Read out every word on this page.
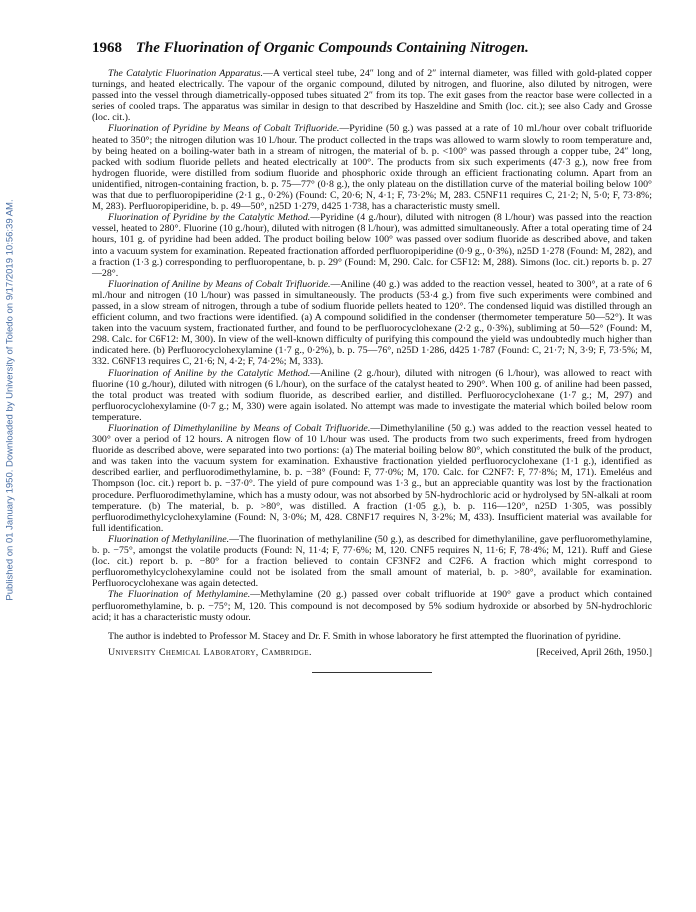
Published on 01 January 1950. Downloaded by University of Toledo on 9/17/2019 10:56:39 AM.
1968 The Fluorination of Organic Compounds Containing Nitrogen.

The Catalytic Fluorination Apparatus.—A vertical steel tube, 24″ long and of 2″ internal diameter, was filled with gold-plated copper turnings, and heated electrically. The vapour of the organic compound, diluted by nitrogen, and fluorine, also diluted by nitrogen, were passed into the vessel through diametrically-opposed tubes situated 2″ from its top. The exit gases from the reactor base were collected in a series of cooled traps. The apparatus was similar in design to that described by Haszeldine and Smith (loc. cit.); see also Cady and Grosse (loc. cit.).

Fluorination of Pyridine by Means of Cobalt Trifluoride.—Pyridine (50 g.) was passed at a rate of 10 ml./hour over cobalt trifluoride heated to 350°; the nitrogen dilution was 10 l./hour. The product collected in the traps was allowed to warm slowly to room temperature and, by being heated on a boiling-water bath in a stream of nitrogen, the material of b. p. <100° was passed through a copper tube, 24″ long, packed with sodium fluoride pellets and heated electrically at 100°. The products from six such experiments (47·3 g.), now free from hydrogen fluoride, were distilled from sodium fluoride and phosphoric oxide through an efficient fractionating column. Apart from an unidentified, nitrogen-containing fraction, b. p. 75—77° (0·8 g.), the only plateau on the distillation curve of the material boiling below 100° was that due to perfluoropiperidine (2·1 g., 0·2%) (Found: C, 20·6; N, 4·1; F, 73·2%; M, 283. C5NF11 requires C, 21·2; N, 5·0; F, 73·8%; M, 283). Perfluoropiperidine, b. p. 49—50°, n25D 1·279, d425 1·738, has a characteristic musty smell.

Fluorination of Pyridine by the Catalytic Method.—Pyridine (4 g./hour), diluted with nitrogen (8 l./hour) was passed into the reaction vessel, heated to 280°. Fluorine (10 g./hour), diluted with nitrogen (8 l./hour), was admitted simultaneously. After a total operating time of 24 hours, 101 g. of pyridine had been added. The product boiling below 100° was passed over sodium fluoride as described above, and taken into a vacuum system for examination. Repeated fractionation afforded perfluoropiperidine (0·9 g., 0·3%), n25D 1·278 (Found: M, 282), and a fraction (1·3 g.) corresponding to perfluoropentane, b. p. 29° (Found: M, 290. Calc. for C5F12: M, 288). Simons (loc. cit.) reports b. p. 27—28°.

Fluorination of Aniline by Means of Cobalt Trifluoride.—Aniline (40 g.) was added to the reaction vessel, heated to 300°, at a rate of 6 ml./hour and nitrogen (10 l./hour) was passed in simultaneously. The products (53·4 g.) from five such experiments were combined and passed, in a slow stream of nitrogen, through a tube of sodium fluoride pellets heated to 120°. The condensed liquid was distilled through an efficient column, and two fractions were identified. (a) A compound solidified in the condenser (thermometer temperature 50—52°). It was taken into the vacuum system, fractionated further, and found to be perfluorocyclohexane (2·2 g., 0·3%), subliming at 50—52° (Found: M, 298. Calc. for C6F12: M, 300). In view of the well-known difficulty of purifying this compound the yield was undoubtedly much higher than indicated here. (b) Perfluorocyclohexylamine (1·7 g., 0·2%), b. p. 75—76°, n25D 1·286, d425 1·787 (Found: C, 21·7; N, 3·9; F, 73·5%; M, 332. C6NF13 requires C, 21·6; N, 4·2; F, 74·2%; M, 333).

Fluorination of Aniline by the Catalytic Method.—Aniline (2 g./hour), diluted with nitrogen (6 l./hour), was allowed to react with fluorine (10 g./hour), diluted with nitrogen (6 l./hour), on the surface of the catalyst heated to 290°. When 100 g. of aniline had been passed, the total product was treated with sodium fluoride, as described earlier, and distilled. Perfluorocyclohexane (1·7 g.; M, 297) and perfluorocyclohexylamine (0·7 g.; M, 330) were again isolated. No attempt was made to investigate the material which boiled below room temperature.

Fluorination of Dimethylaniline by Means of Cobalt Trifluoride.—Dimethylaniline (50 g.) was added to the reaction vessel heated to 300° over a period of 12 hours. A nitrogen flow of 10 l./hour was used. The products from two such experiments, freed from hydrogen fluoride as described above, were separated into two portions: (a) The material boiling below 80°, which constituted the bulk of the product, and was taken into the vacuum system for examination. Exhaustive fractionation yielded perfluorocyclohexane (1·1 g.), identified as described earlier, and perfluorodimethylamine, b. p. −38° (Found: F, 77·0%; M, 170. Calc. for C2NF7: F, 77·8%; M, 171). Emeléus and Thompson (loc. cit.) report b. p. −37·0°. The yield of pure compound was 1·3 g., but an appreciable quantity was lost by the fractionation procedure. Perfluorodimethylamine, which has a musty odour, was not absorbed by 5N-hydrochloric acid or hydrolysed by 5N-alkali at room temperature. (b) The material, b. p. >80°, was distilled. A fraction (1·05 g.), b. p. 116—120°, n25D 1·305, was possibly perfluorodimethylcyclohexylamine (Found: N, 3·0%; M, 428. C8NF17 requires N, 3·2%; M, 433). Insufficient material was available for full identification.

Fluorination of Methylaniline.—The fluorination of methylaniline (50 g.), as described for dimethylaniline, gave perfluoromethylamine, b. p. −75°, amongst the volatile products (Found: N, 11·4; F, 77·6%; M, 120. CNF5 requires N, 11·6; F, 78·4%; M, 121). Ruff and Giese (loc. cit.) report b. p. −80° for a fraction believed to contain CF3NF2 and C2F6. A fraction which might correspond to perfluoromethylcyclohexylamine could not be isolated from the small amount of material, b. p. >80°, available for examination. Perfluorocyclohexane was again detected.

The Fluorination of Methylamine.—Methylamine (20 g.) passed over cobalt trifluoride at 190° gave a product which contained perfluoromethylamine, b. p. −75°; M, 120. This compound is not decomposed by 5% sodium hydroxide or absorbed by 5N-hydrochloric acid; it has a characteristic musty odour.

The author is indebted to Professor M. Stacey and Dr. F. Smith in whose laboratory he first attempted the fluorination of pyridine.

University Chemical Laboratory, Cambridge.	[Received, April 26th, 1950.]
